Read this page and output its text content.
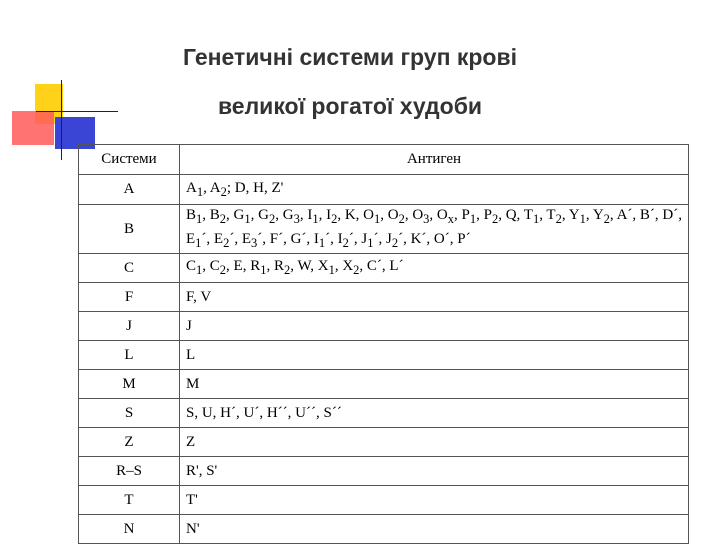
Генетичні системи груп крові
великої рогатої худоби
Системи	Антиген
A	$A_1$, $A_2$; D, H, Z'
B	$B_1$, $B_2$, $G_1$, $G_2$, $G_3$, $I_1$, $I_2$, K, $O_1$, $O_2$, $O_3$, $O_x$, $P_1$, $P_2$, Q, $T_1$, $T_2$, $Y_1$, $Y_2$, A´, B´, D´, $E_1´$, $E_2´$, $E_3´$, F´, G´, $I_1´$, $I_2´$, $J_1´$, $J_2´$, K´, O´, P´
C	$C_1$, $C_2$, E, $R_1$, $R_2$, W, $X_1$, $X_2$, C´, L´
F	F, V
J	J
L	L
M	M
S	S, U, H´, U´, H´´, U´´, S´´
Z	Z
R–S	R', S'
T	T'
N	N'
